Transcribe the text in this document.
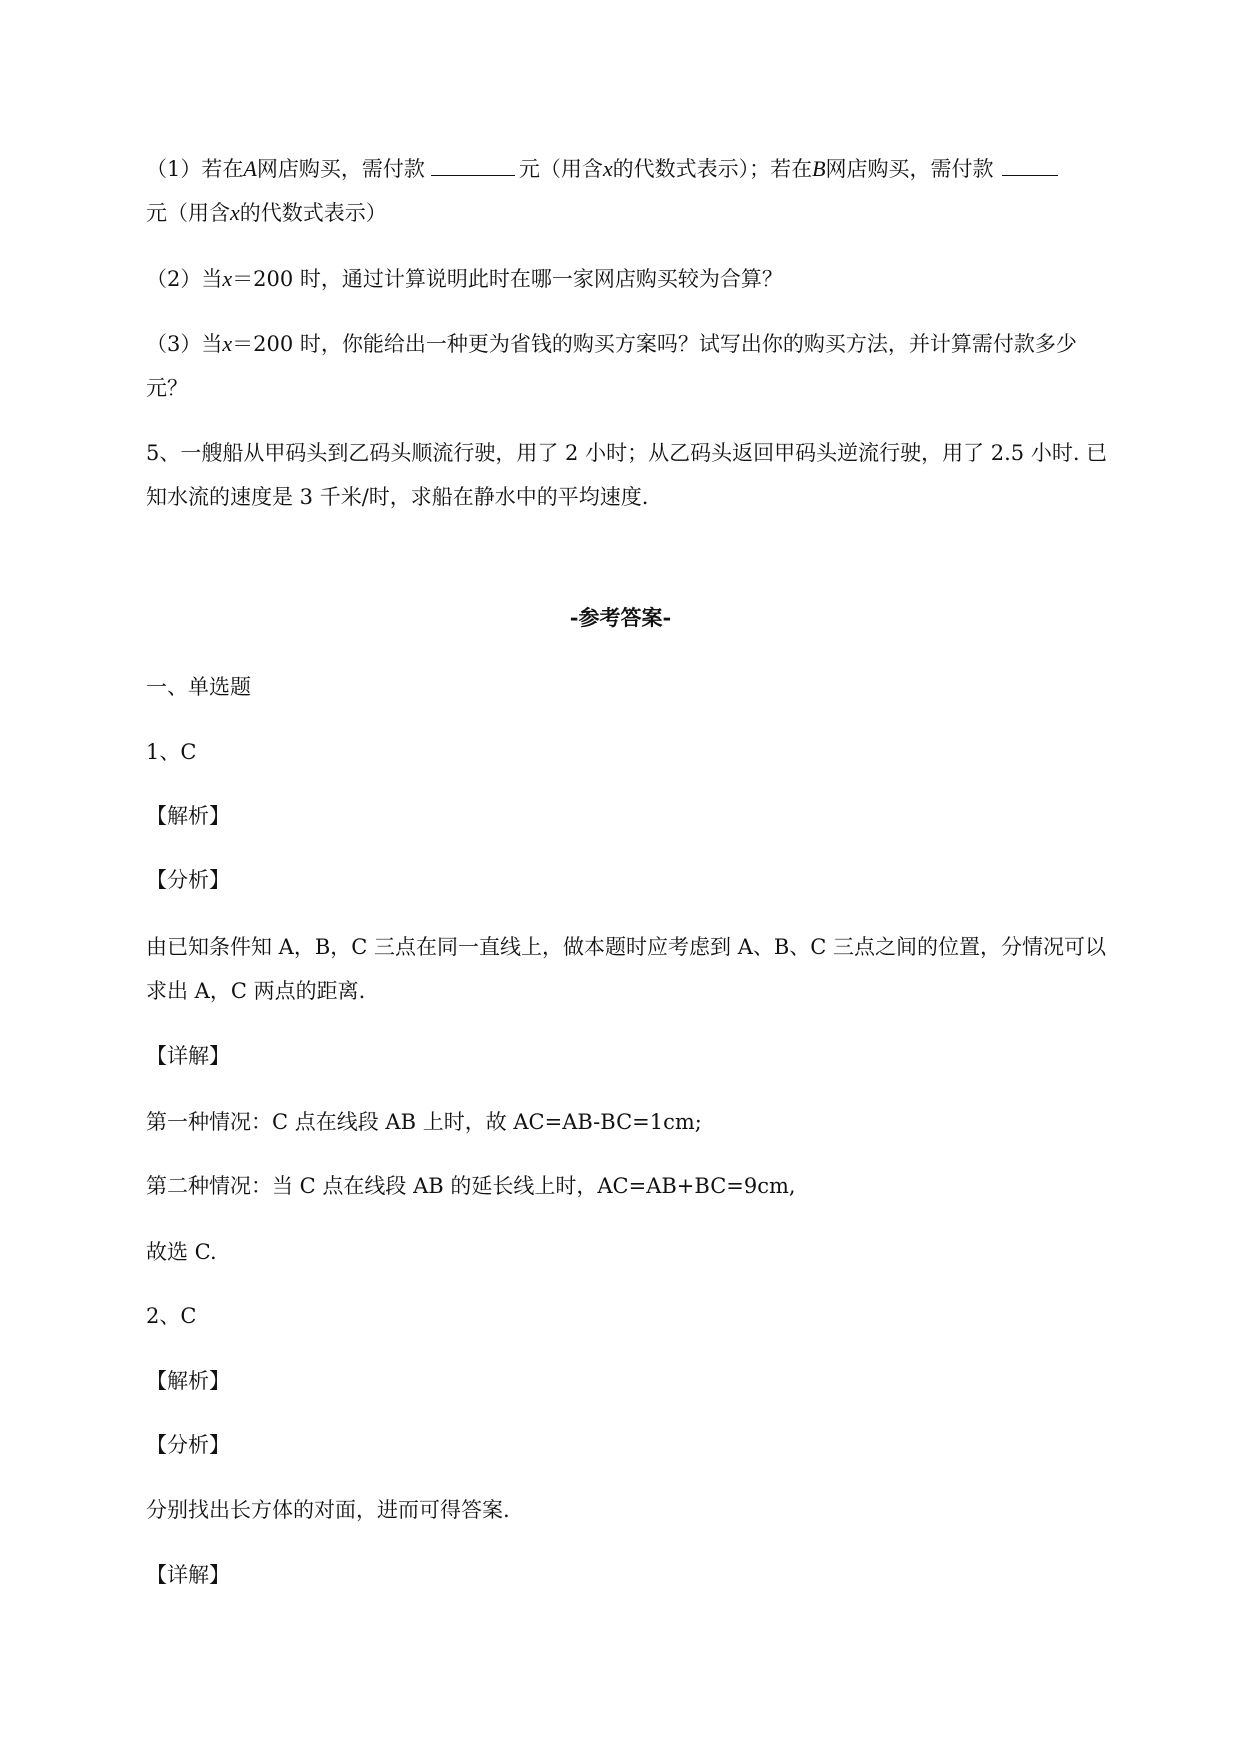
（1）若在A网店购买，需付款	元（用含x的代数式表示）；若在B网店购买，需付款
元（用含x的代数式表示）
（2）当x＝200 时，通过计算说明此时在哪一家网店购买较为合算？
（3）当x＝200 时，你能给出一种更为省钱的购买方案吗？试写出你的购买方法，并计算需付款多少
元？
5、一艘船从甲码头到乙码头顺流行驶，用了 2 小时；从乙码头返回甲码头逆流行驶，用了 2.5 小时. 已
知水流的速度是 3 千米/时，求船在静水中的平均速度.
-参考答案-
一、单选题
1、C
【解析】
【分析】
由已知条件知 A，B，C 三点在同一直线上，做本题时应考虑到 A、B、C 三点之间的位置，分情况可以
求出 A，C 两点的距离.
【详解】
第一种情况：C 点在线段 AB 上时，故 AC=AB-BC=1cm;
第二种情况：当 C 点在线段 AB 的延长线上时，AC=AB+BC=9cm,
故选 C.
2、C
【解析】
【分析】
分别找出长方体的对面，进而可得答案.
【详解】
